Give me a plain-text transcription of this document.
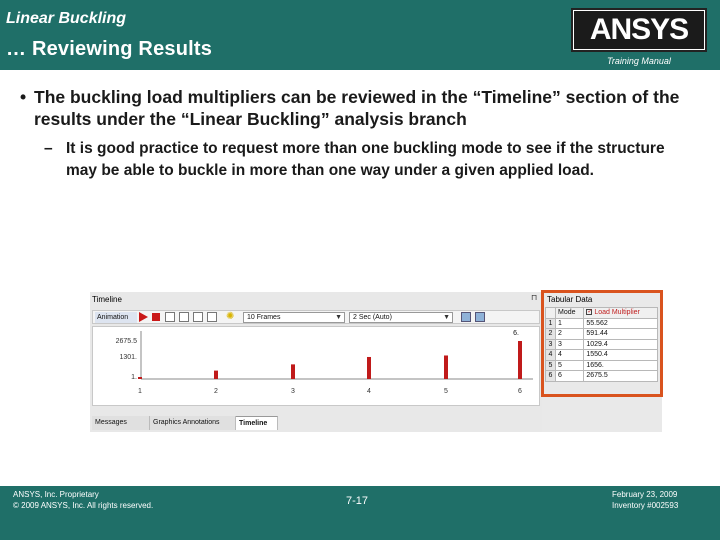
Linear Buckling
… Reviewing Results
ANSYS
Training Manual
• The buckling load multipliers can be reviewed in the “Timeline” section of the results under the “Linear Buckling” analysis branch
– It is good practice to request more than one buckling mode to see if the structure may be able to buckle in more than one way under a given applied load.
Timeline	⊓
Animation	✺	10 Frames	▼	2 Sec (Auto)	▼
2675.5
1301.
1.
1	2	3	4	5	6
6.
Messages	Graphics Annotations	Timeline
Tabular Data
	Mode	✓ Load Multiplier
1	1	55.562
2	2	591.44
3	3	1029.4
4	4	1550.4
5	5	1656.
6	6	2675.5
ANSYS, Inc. Proprietary
© 2009 ANSYS, Inc. All rights reserved.	7-17
February 23, 2009
Inventory #002593
